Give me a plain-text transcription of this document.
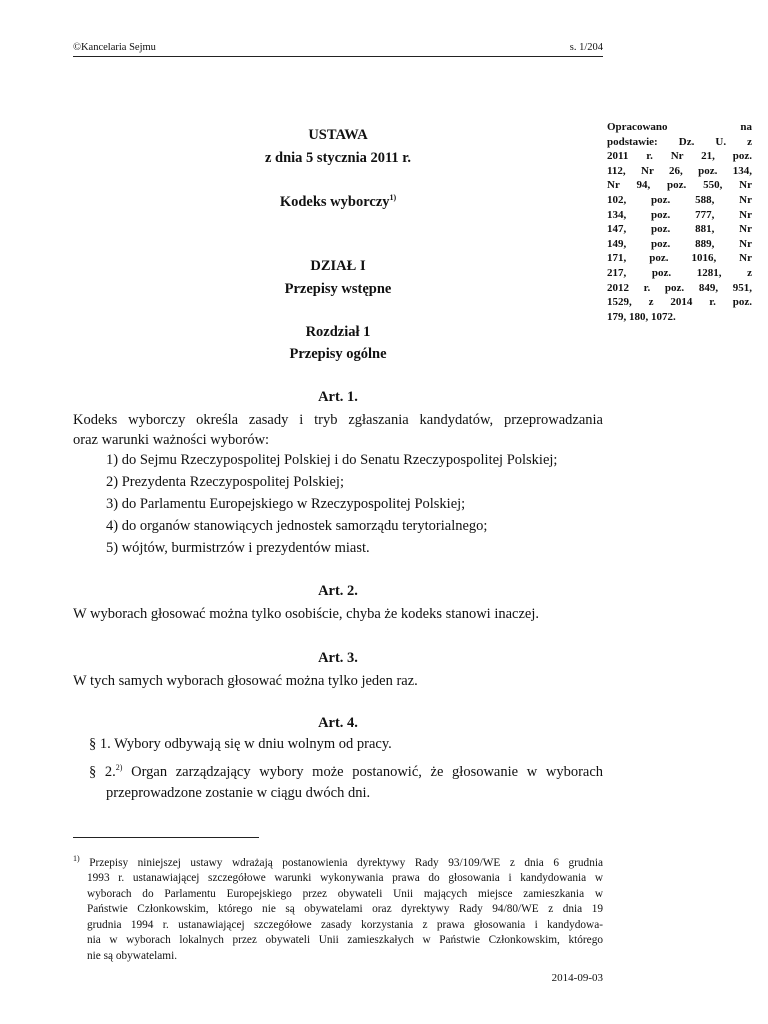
©Kancelaria Sejmu	s. 1/204
USTAWA
z dnia 5 stycznia 2011 r.
Kodeks wyborczy$^{1)}$
Opracowano na
podstawie: Dz. U. z
2011 r. Nr 21, poz.
112, Nr 26, poz. 134,
Nr 94, poz. 550, Nr
102, poz. 588, Nr
134, poz. 777, Nr
147, poz. 881, Nr
149, poz. 889, Nr
171, poz. 1016, Nr
217, poz. 1281, z
2012 r. poz. 849, 951,
1529, z 2014 r. poz.
179, 180, 1072.
DZIAŁ I
Przepisy wstępne
Rozdział 1
Przepisy ogólne
Art. 1.
Kodeks wyborczy określa zasady i tryb zgłaszania kandydatów, przeprowadzania
oraz warunki ważności wyborów:
1) do Sejmu Rzeczypospolitej Polskiej i do Senatu Rzeczypospolitej Polskiej;
2) Prezydenta Rzeczypospolitej Polskiej;
3) do Parlamentu Europejskiego w Rzeczypospolitej Polskiej;
4) do organów stanowiących jednostek samorządu terytorialnego;
5) wójtów, burmistrzów i prezydentów miast.
Art. 2.
W wyborach głosować można tylko osobiście, chyba że kodeks stanowi inaczej.
Art. 3.
W tych samych wyborach głosować można tylko jeden raz.
Art. 4.
§ 1. Wybory odbywają się w dniu wolnym od pracy.
§ 2.$^{2)}$ Organ zarządzający wybory może postanowić, że głosowanie w wyborach
przeprowadzone zostanie w ciągu dwóch dni.
$^{1)}$ Przepisy niniejszej ustawy wdrażają postanowienia dyrektywy Rady 93/109/WE z dnia 6 grudnia
1993 r. ustanawiającej szczegółowe warunki wykonywania prawa do głosowania i kandydowania w
wyborach do Parlamentu Europejskiego przez obywateli Unii mających miejsce zamieszkania w
Państwie Członkowskim, którego nie są obywatelami oraz dyrektywy Rady 94/80/WE z dnia 19
grudnia 1994 r. ustanawiającej szczegółowe zasady korzystania z prawa głosowania i kandydowa-
nia w wyborach lokalnych przez obywateli Unii zamieszkałych w Państwie Członkowskim, którego
nie są obywatelami.
2014-09-03
